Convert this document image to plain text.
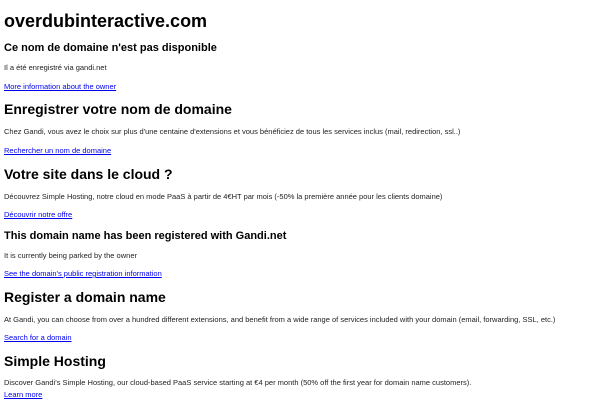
overdubinteractive.com
Ce nom de domaine n'est pas disponible

Il a été enregistré via gandi.net

More information about the owner
Enregistrer votre nom de domaine

Chez Gandi, vous avez le choix sur plus d'une centaine d'extensions et vous bénéficiez de tous les services inclus (mail, redirection, ssl..)

Rechercher un nom de domaine
Votre site dans le cloud ?

Découvrez Simple Hosting, notre cloud en mode PaaS à partir de 4€HT par mois (-50% la première année pour les clients domaine)

Découvrir notre offre
This domain name has been registered with Gandi.net

It is currently being parked by the owner

See the domain's public registration information
Register a domain name

At Gandi, you can choose from over a hundred different extensions, and benefit from a wide range of services included with your domain (email, forwarding, SSL, etc.)

Search for a domain
Simple Hosting

Discover Gandi's Simple Hosting, our cloud-based PaaS service starting at €4 per month (50% off the first year for domain name customers).

Learn more
